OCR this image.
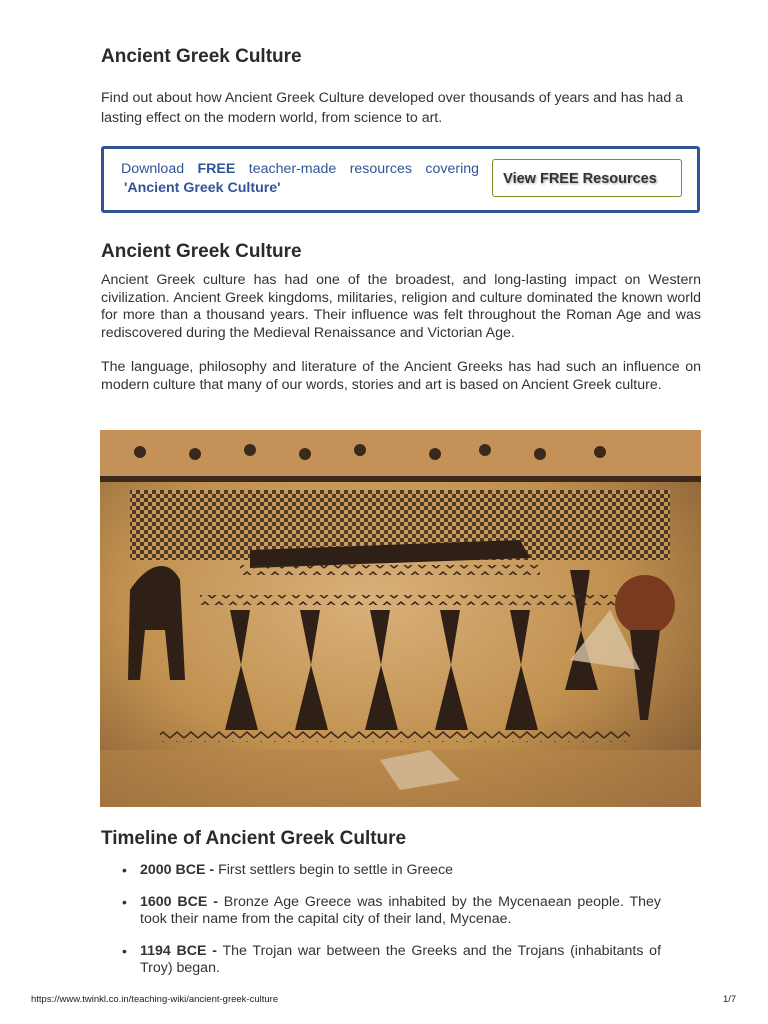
Ancient Greek Culture

Find out about how Ancient Greek Culture developed over thousands of years and has had a lasting effect on the modern world, from science to art.

Download FREE teacher-made resources covering
'Ancient Greek Culture'
View FREE Resources
Ancient Greek Culture

Ancient Greek culture has had one of the broadest, and long-lasting impact on Western civilization. Ancient Greek kingdoms, militaries, religion and culture dominated the known world for more than a thousand years. Their influence was felt throughout the Roman Age and was rediscovered during the Medieval Renaissance and Victorian Age.

The language, philosophy and literature of the Ancient Greeks has had such an influence on modern culture that many of our words, stories and art is based on Ancient Greek culture.

Timeline of Ancient Greek Culture
• 2000 BCE - First settlers begin to settle in Greece
• 1600 BCE - Bronze Age Greece was inhabited by the Mycenaean people. They took their name from the capital city of their land, Mycenae.
• 1194 BCE - The Trojan war between the Greeks and the Trojans (inhabitants of Troy) began.
https://www.twinkl.co.in/teaching-wiki/ancient-greek-culture	1/7
